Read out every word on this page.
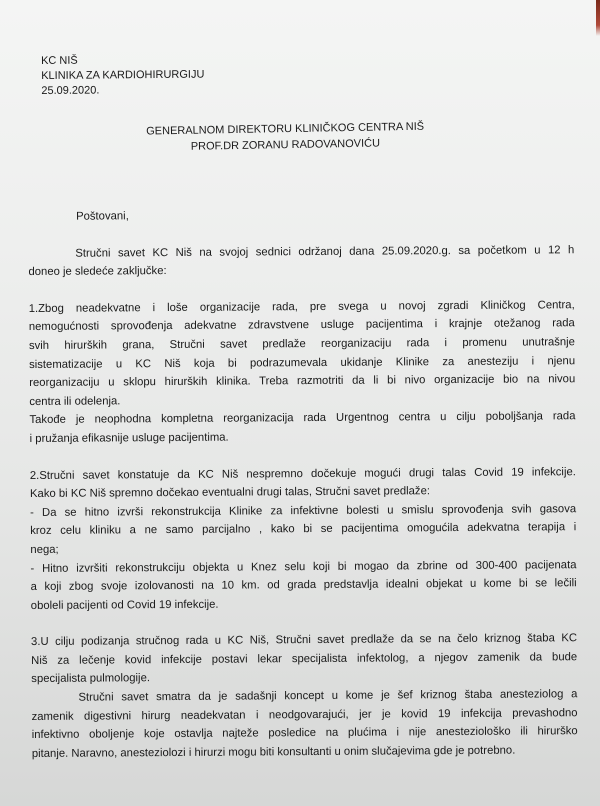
KC NIŠ
KLINIKA ZA KARDIOHIRURGIJU
25.09.2020.
GENERALNOM DIREKTORU KLINIČKOG CENTRA NIŠ
PROF.DR ZORANU RADOVANOVIĆU

Poštovani,

Stručni savet KC Niš na svojoj sednici održanoj dana 25.09.2020.g. sa početkom u 12 h
doneo je sledeće zaključke:
1.Zbog neadekvatne i loše organizacije rada, pre svega u novoj zgradi Kliničkog Centra,
nemogućnosti sprovođenja adekvatne zdravstvene usluge pacijentima i krajnje otežanog rada
svih hirurških grana, Stručni savet predlaže reorganizaciju rada i promenu unutrašnje
sistematizacije u KC Niš koja bi podrazumevala ukidanje Klinike za anesteziju i njenu
reorganizaciju u sklopu hirurških klinika. Treba razmotriti da li bi nivo organizacije bio na nivou
centra ili odelenja.
Takođe je neophodna kompletna reorganizacija rada Urgentnog centra u cilju poboljšanja rada
i pružanja efikasnije usluge pacijentima.
2.Stručni savet konstatuje da KC Niš nespremno dočekuje mogući drugi talas Covid 19 infekcije.
Kako bi KC Niš spremno dočekao eventualni drugi talas, Stručni savet predlaže:
- Da se hitno izvrši rekonstrukcija Klinike za infektivne bolesti u smislu sprovođenja svih gasova
kroz celu kliniku a ne samo parcijalno , kako bi se pacijentima omogućila adekvatna terapija i
nega;
- Hitno izvršiti rekonstrukciju objekta u Knez selu koji bi mogao da zbrine od 300-400 pacijenata
a koji zbog svoje izolovanosti na 10 km. od grada predstavlja idealni objekat u kome bi se lečili
oboleli pacijenti od Covid 19 infekcije.
3.U cilju podizanja stručnog rada u KC Niš, Stručni savet predlaže da se na čelo kriznog štaba KC
Niš za lečenje kovid infekcije postavi lekar specijalista infektolog, a njegov zamenik da bude
specijalista pulmologije.
Stručni savet smatra da je sadašnji koncept u kome je šef kriznog štaba anesteziolog a
zamenik digestivni hirurg neadekvatan i neodgovarajući, jer je kovid 19 infekcija prevashodno
infektivno oboljenje koje ostavlja najteže posledice na plućima i nije anesteziološko ili hirurško
pitanje. Naravno, anesteziolozi i hirurzi mogu biti konsultanti u onim slučajevima gde je potrebno.
